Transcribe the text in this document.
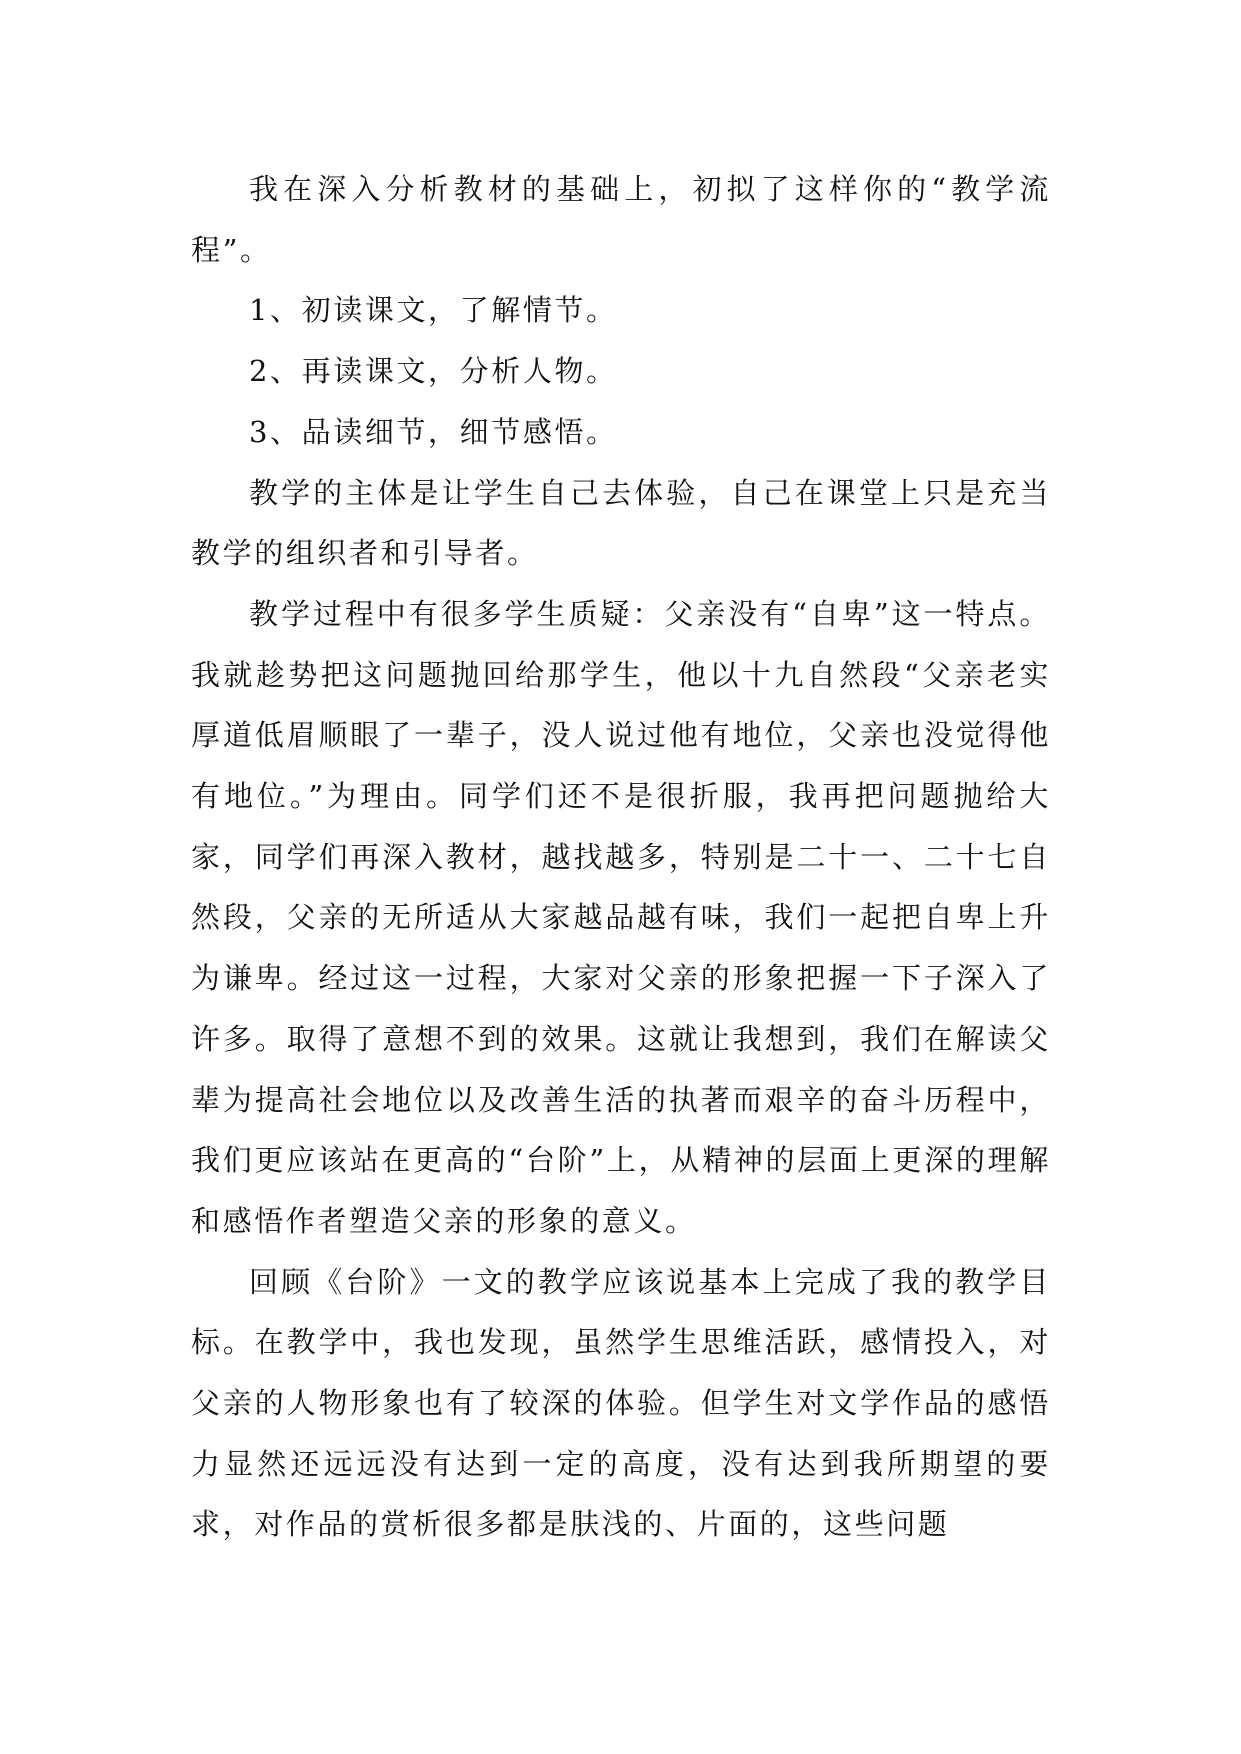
我在深入分析教材的基础上，初拟了这样你的“教学流程”。

1、初读课文，了解情节。

2、再读课文，分析人物。

3、品读细节，细节感悟。

教学的主体是让学生自己去体验，自己在课堂上只是充当教学的组织者和引导者。

教学过程中有很多学生质疑：父亲没有“自卑”这一特点。我就趁势把这问题抛回给那学生，他以十九自然段“父亲老实厚道低眉顺眼了一辈子，没人说过他有地位，父亲也没觉得他有地位。”为理由。同学们还不是很折服，我再把问题抛给大家，同学们再深入教材，越找越多，特别是二十一、二十七自然段，父亲的无所适从大家越品越有味，我们一起把自卑上升为谦卑。经过这一过程，大家对父亲的形象把握一下子深入了许多。取得了意想不到的效果。这就让我想到，我们在解读父辈为提高社会地位以及改善生活的执著而艰辛的奋斗历程中，我们更应该站在更高的“台阶”上，从精神的层面上更深的理解和感悟作者塑造父亲的形象的意义。

回顾《台阶》一文的教学应该说基本上完成了我的教学目标。在教学中，我也发现，虽然学生思维活跃，感情投入，对父亲的人物形象也有了较深的体验。但学生对文学作品的感悟力显然还远远没有达到一定的高度，没有达到我所期望的要求，对作品的赏析很多都是肤浅的、片面的，这些问题
